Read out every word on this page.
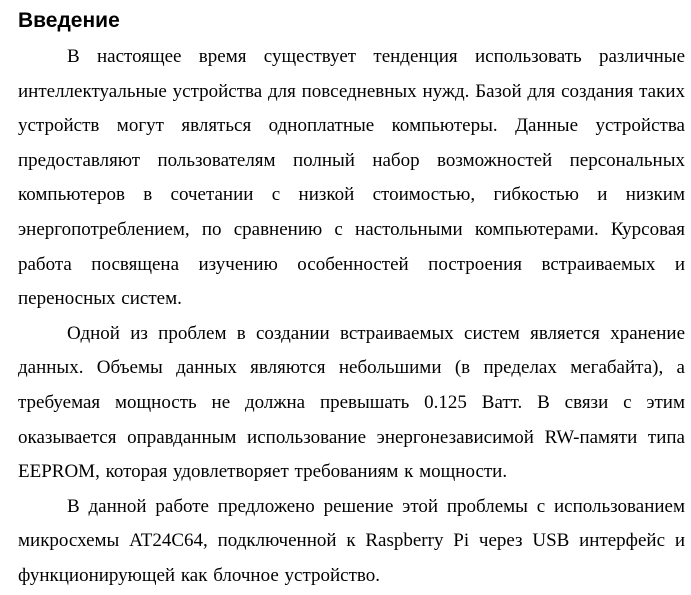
Введение

В настоящее время существует тенденция использовать различные интеллектуальные устройства для повседневных нужд. Базой для создания таких устройств могут являться одноплатные компьютеры. Данные устройства предоставляют пользователям полный набор возможностей персональных компьютеров в сочетании с низкой стоимостью, гибкостью и низким энергопотреблением, по сравнению с настольными компьютерами. Курсовая работа посвящена изучению особенностей построения встраиваемых и переносных систем.

Одной из проблем в создании встраиваемых систем является хранение данных. Объемы данных являются небольшими (в пределах мегабайта), а требуемая мощность не должна превышать 0.125 Ватт. В связи с этим оказывается оправданным использование энергонезависимой RW-памяти типа EEPROM, которая удовлетворяет требованиям к мощности.

В данной работе предложено решение этой проблемы с использованием микросхемы AT24C64, подключенной к Raspberry Pi через USB интерфейс и функционирующей как блочное устройство.
